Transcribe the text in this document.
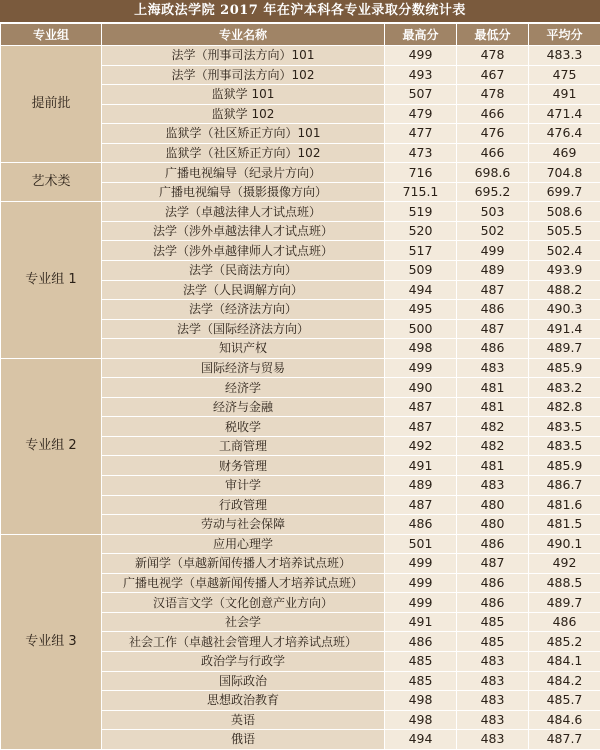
上海政法学院 2017 年在沪本科各专业录取分数统计表
专业组	专业名称	最高分	最低分	平均分
提前批	法学（刑事司法方向）101	499	478	483.3
	法学（刑事司法方向）102	493	467	475
	监狱学 101	507	478	491
	监狱学 102	479	466	471.4
	监狱学（社区矫正方向）101	477	476	476.4
	监狱学（社区矫正方向）102	473	466	469
艺术类	广播电视编导（纪录片方向）	716	698.6	704.8
	广播电视编导（摄影摄像方向）	715.1	695.2	699.7
专业组 1	法学（卓越法律人才试点班）	519	503	508.6
	法学（涉外卓越法律人才试点班）	520	502	505.5
	法学（涉外卓越律师人才试点班）	517	499	502.4
	法学（民商法方向）	509	489	493.9
	法学（人民调解方向）	494	487	488.2
	法学（经济法方向）	495	486	490.3
	法学（国际经济法方向）	500	487	491.4
	知识产权	498	486	489.7
专业组 2	国际经济与贸易	499	483	485.9
	经济学	490	481	483.2
	经济与金融	487	481	482.8
	税收学	487	482	483.5
	工商管理	492	482	483.5
	财务管理	491	481	485.9
	审计学	489	483	486.7
	行政管理	487	480	481.6
	劳动与社会保障	486	480	481.5
专业组 3	应用心理学	501	486	490.1
	新闻学（卓越新闻传播人才培养试点班）	499	487	492
	广播电视学（卓越新闻传播人才培养试点班）	499	486	488.5
	汉语言文学（文化创意产业方向）	499	486	489.7
	社会学	491	485	486
	社会工作（卓越社会管理人才培养试点班）	486	485	485.2
	政治学与行政学	485	483	484.1
	国际政治	485	483	484.2
	思想政治教育	498	483	485.7
	英语	498	483	484.6
	俄语	494	483	487.7
